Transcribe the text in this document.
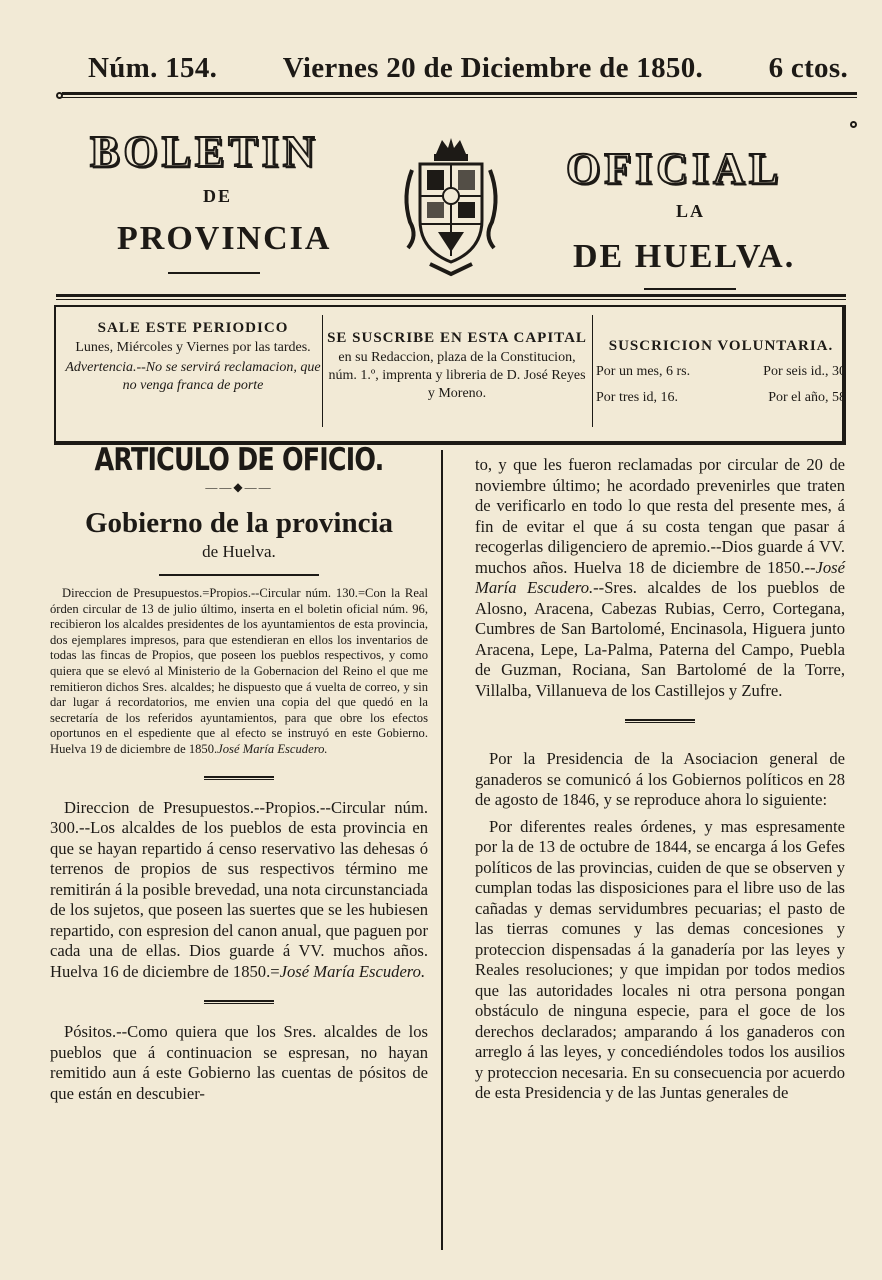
Núm. 154. Viernes 20 de Diciembre de 1850. 6 ctos.
BOLETIN
DE
PROVINCIA
OFICIAL
LA
DE HUELVA.
SALE ESTE PERIODICO
Lunes, Miércoles y Viernes por las tardes.
Advertencia.--No se servirá reclamacion, que no venga franca de porte
SE SUSCRIBE EN ESTA CAPITAL
en su Redaccion, plaza de la Constitucion, núm. 1.º, imprenta y libreria de D. José Reyes y Moreno.
SUSCRICION VOLUNTARIA.
Por un mes, 6 rs.	Por seis id., 30
Por tres id, 16.	Por el año, 58
ARTICULO DE OFICIO.
——◆——
Gobierno de la provincia
de Huelva.

Direccion de Presupuestos.=Propios.--Circular núm. 130.=Con la Real órden circular de 13 de julio último, inserta en el boletin oficial núm. 96, recibieron los alcaldes presidentes de los ayuntamientos de esta provincia, dos ejemplares impresos, para que estendieran en ellos los inventarios de todas las fincas de Propios, que poseen los pueblos respectivos, y como quiera que se elevó al Ministerio de la Gobernacion del Reino el que me remitieron dichos Sres. alcaldes; he dispuesto que á vuelta de correo, y sin dar lugar á recordatorios, me envien una copia del que quedó en la secretaría de los referidos ayuntamientos, para que obre los efectos oportunos en el espediente que al efecto se instruyó en este Gobierno. Huelva 19 de diciembre de 1850.José María Escudero.

Direccion de Presupuestos.--Propios.--Circular núm. 300.--Los alcaldes de los pueblos de esta provincia en que se hayan repartido á censo reservativo las dehesas ó terrenos de propios de sus respectivos término me remitirán á la posible brevedad, una nota circunstanciada de los sujetos, que poseen las suertes que se les hubiesen repartido, con espresion del canon anual, que paguen por cada una de ellas. Dios guarde á VV. muchos años. Huelva 16 de diciembre de 1850.=José María Escudero.

Pósitos.--Como quiera que los Sres. alcaldes de los pueblos que á continuacion se espresan, no hayan remitido aun á este Gobierno las cuentas de pósitos de que están en descubier-

to, y que les fueron reclamadas por circular de 20 de noviembre último; he acordado prevenirles que traten de verificarlo en todo lo que resta del presente mes, á fin de evitar el que á su costa tengan que pasar á recogerlas diligenciero de apremio.--Dios guarde á VV. muchos años. Huelva 18 de diciembre de 1850.--José María Escudero.--Sres. alcaldes de los pueblos de Alosno, Aracena, Cabezas Rubias, Cerro, Cortegana, Cumbres de San Bartolomé, Encinasola, Higuera junto Aracena, Lepe, La-Palma, Paterna del Campo, Puebla de Guzman, Rociana, San Bartolomé de la Torre, Villalba, Villanueva de los Castillejos y Zufre.

Por la Presidencia de la Asociacion general de ganaderos se comunicó á los Gobiernos políticos en 28 de agosto de 1846, y se reproduce ahora lo siguiente:

Por diferentes reales órdenes, y mas espresamente por la de 13 de octubre de 1844, se encarga á los Gefes políticos de las provincias, cuiden de que se observen y cumplan todas las disposiciones para el libre uso de las cañadas y demas servidumbres pecuarias; el pasto de las tierras comunes y las demas concesiones y proteccion dispensadas á la ganadería por las leyes y Reales resoluciones; y que impidan por todos medios que las autoridades locales ni otra persona pongan obstáculo de ninguna especie, para el goce de los derechos declarados; amparando á los ganaderos con arreglo á las leyes, y concediéndoles todos los ausilios y proteccion necesaria. En su consecuencia por acuerdo de esta Presidencia y de las Juntas generales de
